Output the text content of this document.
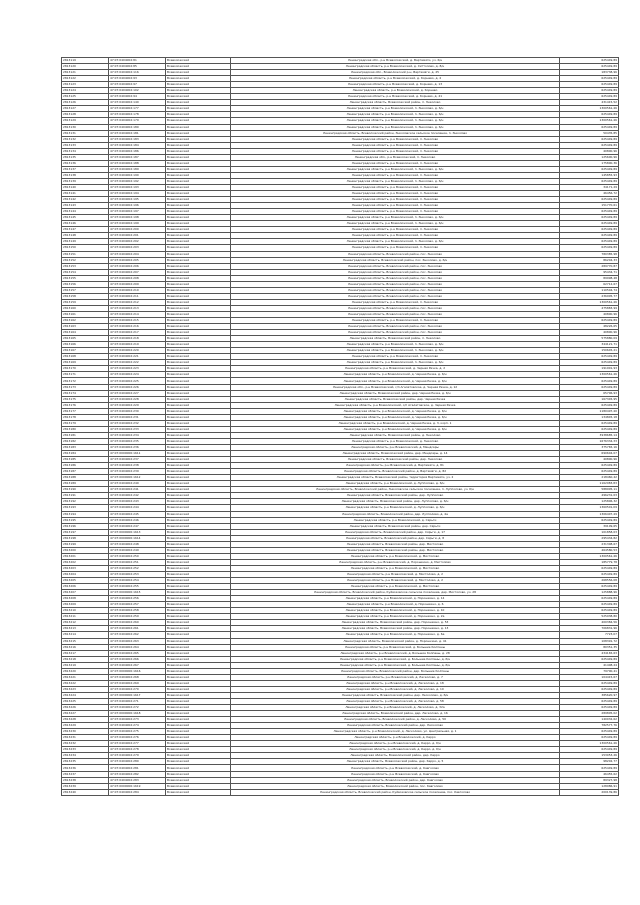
2813119	47:07:0404002:81	Всеволожский	Ленинградская обл., р-н Всеволожский, д. Вартемяги, уч. 6/н	625449,89
2813120	47:07:0404002:85	Всеволожский	Ленинградская область, р-н Всеволожский, д. Хиттолово, д. 8/н	625449,89
2813121	47:07:0404002:116	Всеволожский	Ленинградская обл., Всеволожский р-н, Вартемяги, д. 25	183738,96
2813122	47:07:0404002:93	Всеволожский	Ленинградская область, р-н Всеволожский, д. Корнево, д. 4	625449,89
2813123	47:07:0404002:97	Всеволожский	Ленинградская область, р-н Всеволожский, д. Корнево, д. 13	625449,89
2813124	47:07:0404002:102	Всеволожский	Ленинградская область, р-н Всеволожский, д. Корнево	625449,89
2813125	47:07:0404002:94	Всеволожский	Ленинградская область, р-н Всеволожский, д. Корнево, д. 41	625449,89
2813126	47:07:0404002:140	Всеволожский	Ленинградская область, Всеволожский район, п. Энколово	431415,52
2813127	47:07:0404002:177	Всеволожский	Ленинградская область, р-н Всеволожский, п. Энколово, д. б/н	1300561,46
2813128	47:07:0404002:178	Всеволожский	Ленинградская область, р-н Всеволожский, п. Энколово, д. б/н	625449,89
2813129	47:07:0404002:179	Всеволожский	Ленинградская область, р-н Всеволожский, п. Энколово, д. б/н	1300561,46
2813130	47:07:0404002:180	Всеволожский	Ленинградская область, р-н Всеволожский, п. Энколово, д. б/н	625449,89
2813131	47:07:0404002:181	Всеволожский	Ленинградская область, Всеволожский район, Энколовское сельское поселение, п. Энколово	50435,85
2813132	47:07:0404002:183	Всеволожский	Ленинградская область, р-н Всеволожский, п. Энколово	625449,89
2813133	47:07:0404002:184	Всеволожский	Ленинградская область, р-н Всеволожский, п. Энколово	625449,89
2813134	47:07:0404002:186	Всеволожский	Ленинградская область, р-н Всеволожский, п. Энколово	40800,96
2813135	47:07:0404002:187	Всеволожский	Ленинградская обл., р-н Всеволожский, п. Энколово	125600,96
2813136	47:07:0404002:188	Всеволожский	Ленинградская область, р-н Всеволожский, п. Энколово	175800,36
2813137	47:07:0404002:189	Всеволожский	Ленинградская область, р-н Всеволожский, п. Энколово, д. б/н	625449,89
2813138	47:07:0404002:190	Всеволожский	Ленинградская область, р-н Всеволожский, п. Энколово	145855,93
2813139	47:07:0404002:192	Всеволожский	Ленинградская область, р-н Всеволожский, п. Энколово, д. б/н	625449,89
2813140	47:07:0404002:193	Всеволожский	Ленинградская область, р-н Всеволожский, п. Энколово	34171,29
2813141	47:07:0404002:194	Всеволожский	Ленинградская область, р-н Всеволожский, п. Энколово	46456,72
2813142	47:07:0404002:195	Всеволожский	Ленинградская область, р-н Всеволожский, п. Энколово	625449,89
2813143	47:07:0404002:196	Всеволожский	Ленинградская область, р-н Всеволожский, п. Энколово	151770,61
2813144	47:07:0404002:197	Всеволожский	Ленинградская область, р-н Всеволожский, п. Энколово	625449,89
2813145	47:07:0404002:198	Всеволожский	Ленинградская область, р-н Всеволожский, п. Энколово, д. б/н	625449,89
2813146	47:07:0404002:199	Всеволожский	Ленинградская область, р-н Всеволожский, п. Энколово, д. б/н	625449,89
2813147	47:07:0404002:200	Всеволожский	Ленинградская область, р-н Всеволожский, п. Энколово	625449,89
2813148	47:07:0404002:201	Всеволожский	Ленинградская область, р-н Всеволожский, п. Энколово	625449,89
2813149	47:07:0404002:202	Всеволожский	Ленинградская область, р-н Всеволожский, п. Энколово, д. б/н	625449,89
2813150	47:07:0404002:203	Всеволожский	Ленинградская область, р-н Всеволожский, п. Энколово	625449,89
2813151	47:07:0404002:204	Всеволожский	Ленинградская область, Всеволожский район, пос. Энколово	780385,98
2813152	47:07:0404002:205	Всеволожский	Ленинградская область, Всеволожский район, пос. Энколово, д. б/н	86204,33
2813153	47:07:0404002:206	Всеволожский	Ленинградская область, Всеволожский район, пос. Энколово	289770,87
2813154	47:07:0404002:207	Всеволожский	Ленинградская область, Всеволожский район, пос. Энколово	95434,71
2813155	47:07:0404002:208	Всеволожский	Ленинградская область, Всеволожский район, пос. Энколово	89998,48
2813156	47:07:0404002:209	Всеволожский	Ленинградская область, Всеволожский район, пос. Энколово	62712,67
2813157	47:07:0404002:210	Всеволожский	Ленинградская область, Всеволожский район, пос. Энколово	110504,74
2813158	47:07:0404002:211	Всеволожский	Ленинградская область, Всеволожский район, пос. Энколово	236905,77
2813159	47:07:0404002:212	Всеволожский	Ленинградская область, р-н Всеволожский, п. Энколово	1300561,46
2813160	47:07:0404002:213	Всеволожский	Ленинградская область, Всеволожский район, пос. Энколово	475883,99
2813161	47:07:0404002:214	Всеволожский	Ленинградская область, Всеволожский район, пос. Энколово	40800,96
2813162	47:07:0404002:215	Всеволожский	Ленинградская область, р-н Всеволожский, п. Энколово	625449,89
2813163	47:07:0404002:216	Всеволожский	Ленинградская область, Всеволожский район, пос. Энколово	48226,65
2813164	47:07:0404002:217	Всеволожский	Ленинградская область, Всеволожский район, пос. Энколово	40800,96
2813165	47:07:0404002:218	Всеволожский	Ленинградская область, Всеволожский район, п. Энколово	575880,09
2813166	47:07:0404002:219	Всеволожский	Ленинградская область, р-н Всеволожский, п. Энколово, д. б/н	344121,71
2813167	47:07:0404002:220	Всеволожский	Ленинградская область, р-н Всеволожский, п. Энколово, д. б/н	150645,21
2813168	47:07:0404002:221	Всеволожский	Ленинградская область, р-н Всеволожский, п. Энколово	625449,89
2813169	47:07:0404002:222	Всеволожский	Ленинградская область, р-н Всеволожский, п. Энколово, д. б/н	625449,89
2813170	47:07:0404002:223	Всеволожский	Ленинградская область, р-н Всеволожский, д. Черная Речка, д. 2	191901,93
2813171	47:07:0404002:224	Всеволожский	Ленинградская область, р-н Всеволожский, д. Черная Речка, д. б/н	1300561,46
2813172	47:07:0404002:225	Всеволожский	Ленинградская область, р-н Всеволожский, д. Черная Речка, д. б/н	625449,89
2813173	47:07:0404002:226	Всеволожский	Ленинградская обл., р-н Всеволожский, с/п Агалатовское, д. Черная Речка, д. 12	625449,89
2813174	47:07:0404002:227	Всеволожский	Ленинградская область, Всеволожский район, дер. Черная Речка, д. б/н	65706,93
2813175	47:07:0404002:228	Всеволожский	Ленинградская область, Всеволожский район, дер. Черная Речка	167345,95
2813176	47:07:0404002:229	Всеволожский	Ленинградская область, р-н Всеволожский, с/п Агалатовское, д. Черная Речка	625449,89
2813177	47:07:0404002:230	Всеволожский	Ленинградская область, р-н Всеволожский, д. Черная Речка, д. б/н	1180497,40
2813178	47:07:0404002:231	Всеволожский	Ленинградская область, р-н Всеволожский, д. Черная Речка, д. б/н	134845,18
2813179	47:07:0404002:232	Всеволожский	Ленинградская область, р-н Всеволожский, д. Черная Речка, д. 3, корп. 1	625449,89
2813180	47:07:0404002:233	Всеволожский	Ленинградская область, р-н Всеволожский, д. Черная Речка, д. б/н	625449,89
2813181	47:07:0404002:234	Всеволожский	Ленинградская область, Всеволожский район, д. Энколово	3938685,14
2813182	47:07:0404002:235	Всеволожский	Ленинградская область, р-н Всеволожский, д. Энколово	1676334,33
2813183	47:07:0404002:236	Всеволожский	Ленинградская область, р-н Всеволожский, д. Мендсары	375765,16
2813184	47:07:0000000:1611	Всеволожский	Ленинградская область, Всеволожский район, дер. Мендсары, д. 14	690604,07
2813185	47:07:0404002:237	Всеволожский	Ленинградская область, Всеволожский район, дер. Энколово	40800,96
2813186	47:07:0404002:238	Всеволожский	Ленинградская область, р-н Всеволожский, д. Вартемяги, д. 81	625449,89
2813187	47:07:0404002:239	Всеволожский	Ленинградская область, Всеволожский район, д. Вартемяги, д. 82	625449,89
2813188	47:07:0000000:1612	Всеволожский	Ленинградская область, Всеволожский район, территория Вартемяги, уч. 2	218460,42
2813189	47:07:0404002:240	Всеволожский	Ленинградская область, р-н Всеволожский, д. Лупполово, д. б/н	1162983,83
2813190	47:07:0404002:241	Всеволожский	Ленинградская область, Всеволожский район, Энколовское сельское поселение, п. Лупполово, уч. б/н	588905,11
2813191	47:07:0404002:242	Всеволожский	Ленинградская область, Всеволожский район, дер. Лупполово	496231,03
2813192	47:07:0404002:243	Всеволожский	Ленинградская область, Всеволожский район, дер. Лупполово, д. б/н	125806,32
2813193	47:07:0404002:244	Всеволожский	Ленинградская область, р-н Всеволожский, д. Лупполово, д. б/н	1360501,09
2813194	47:07:0404002:245	Всеволожский	Ленинградская область, Всеволожский район, дер. Лупполово, д. 4а	1306407,49
2813195	47:07:0404002:246	Всеволожский	Ленинградская область, р-н Всеволожский, д. Сярьги	625449,89
2813196	47:07:0404002:247	Всеволожский	Ленинградская область, Всеволожский район, дер. Сярьги	39109,65
2813197	47:07:0000000:1613	Всеволожский	Ленинградская область, Всеволожский район, дер. Сярьги, д. 17	101858,03
2813198	47:07:0000000:1614	Всеволожский	Ленинградская область, Всеволожский район, дер. Сярьги, д. 8	295434,82
2813199	47:07:0404002:248	Всеволожский	Ленинградская область, Всеволожский район, дер. Мистолово	231308,67
2813200	47:07:0404002:249	Всеволожский	Ленинградская область, Всеволожский район, дер. Мистолово	464580,53
2813201	47:07:0404002:250	Всеволожский	Ленинградская область, р-н Всеволожский, д. Мистолово	1300561,46
2813202	47:07:0404002:251	Всеволожский	Ленинградская область, р-н Всеволожский, д. Порошкино, д. Мистолово	185779,78
2813203	47:07:0404002:252	Всеволожский	Ленинградская область, р-н Всеволожский, д. Мистолово	625449,89
2813204	47:07:0404002:253	Всеволожский	Ленинградская область, р-н Всеволожский, д. Мистолово, д. 2	625449,89
2813205	47:07:0404002:254	Всеволожский	Ленинградская область, р-н Всеволожский, д. Мистолово, д. 2	268556,08
2813206	47:07:0404002:255	Всеволожский	Ленинградская область, р-н Всеволожский, д. Мистолово	625449,89
2813207	47:07:0000000:1615	Всеволожский	Ленинградская область, Всеволожский район, Куйвозовское сельское поселение, дер. Мистолово, уч. 28	125888,96
2813208	47:07:0404002:256	Всеволожский	Ленинградская область, р-н Всеволожский, д. Порошкино, д. 14	625449,89
2813209	47:07:0404002:257	Всеволожский	Ленинградская область, р-н Всеволожский, д. Порошкино, д. 6	625449,89
2813210	47:07:0404002:258	Всеволожский	Ленинградская область, р-н Всеволожский, д. Порошкино, д. 10	625449,89
2813211	47:07:0404002:259	Всеволожский	Ленинградская область, р-н Всеволожский, д. Порошкино, д. 2а	525938,80
2813212	47:07:0404002:260	Всеволожский	Ленинградская область, Всеволожский район, дер. Порошкино, д. 53	400384,56
2813213	47:07:0404002:261	Всеволожский	Ленинградская область, Всеволожский район, дер. Порошкино, д. 13	706831,96
2813214	47:07:0404002:262	Всеволожский	Ленинградская область, р-н Всеволожский, д. Порошкино, д. 6а	7723,07
2813215	47:07:0404002:263	Всеволожский	Ленинградская область, Всеволожский район, д. Порошкино, д. 41	108391,72
2813216	47:07:0404002:264	Всеволожский	Ленинградская область, р-н Всеволожский, д. Большие Колпаны	80351,35
2813217	47:07:0404002:265	Всеволожский	Ленинградская область, р-н Всеволожский, д. Большие Колпаны, д. 28	434165,63
2813218	47:07:0404002:266	Всеволожский	Ленинградская область, р-н Всеволожский, д. Большие Колпаны, д. б/н	625449,89
2813219	47:07:0404002:267	Всеволожский	Ленинградская область, р-н Всеволожский, д. Большие Колпаны, д. б/н	41408,24
2813220	47:07:0000000:1616	Всеволожский	Ленинградская область, Всеволожский район, дер. Большие Колпаны	79700,41
2813221	47:07:0404002:268	Всеволожский	Ленинградская область, р-н Всеволожский, д. Лесколово, д. 7	104415,67
2813222	47:07:0404002:269	Всеволожский	Ленинградская область, р-н Всеволожский, д. Лесколово, д. 18	625449,89
2813223	47:07:0404002:270	Всеволожский	Ленинградская область, р-н Всеволожский, д. Лесколово, д. 10	625449,89
2813224	47:07:0000000:1617	Всеволожский	Ленинградская область, Всеволожский район, дер. Лесколово, д. б/н	385620,97
2813225	47:07:0404002:271	Всеволожский	Ленинградская область, р-н Всеволожский, д. Лесколово, д. 58	625449,89
2813226	47:07:0404002:272	Всеволожский	Ленинградская область, р-н Всеволожский, д. Лесколово, д. 32а	625449,89
2813227	47:07:0000000:1618	Всеволожский	Ленинградская область, Всеволожский район, дер. Лесколово, д. 16	289805,02
2813228	47:07:0404002:273	Всеволожский	Ленинградская область, Всеволожский район, д. Лесколово, д. 50	140032,62
2813229	47:07:0404002:274	Всеволожский	Ленинградская область, Всеволожский район, дер. Лесколово	782577,76
2813230	47:07:0404002:275	Всеволожский	Ленинградская область, р-н Всеволожский, д. Лесколово, ул. Центральная, д. 1	625449,89
2813231	47:07:0404002:276	Всеволожский	Ленинградская область, р-н Всеволожский, д. Керро	625449,89
2813232	47:07:0404002:277	Всеволожский	Ленинградская область, р-н Всеволожский, д. Керро, д. б/н	1300561,46
2813233	47:07:0404002:278	Всеволожский	Ленинградская область, р-н Всеволожский, д. Керро, д. б/н	625449,89
2813234	47:07:0404002:279	Всеволожский	Ленинградская область, Всеволожский район, дер. Керро	153053,26
2813235	47:07:0404002:280	Всеволожский	Ленинградская область, Всеволожский район, дер. Керро, д. 5	98202,77
2813236	47:07:0404002:281	Всеволожский	Ленинградская область, р-н Всеволожский, д. Кавголово	625449,89
2813237	47:07:0404002:282	Всеволожский	Ленинградская область, р-н Всеволожский, д. Кавголово	46455,62
2813238	47:07:0404002:283	Всеволожский	Ленинградская область, Всеволожский район, дер. Кавголово	89327,98
2813239	47:07:0000000:1619	Всеволожский	Ленинградская область, Всеволожский район, пос. Кавголово	128986,91
2813240	47:07:0404002:284	Всеволожский	Ленинградская область, Всеволожский район, Куйвозовское сельское поселение, пос. Кавголово	200139,86
